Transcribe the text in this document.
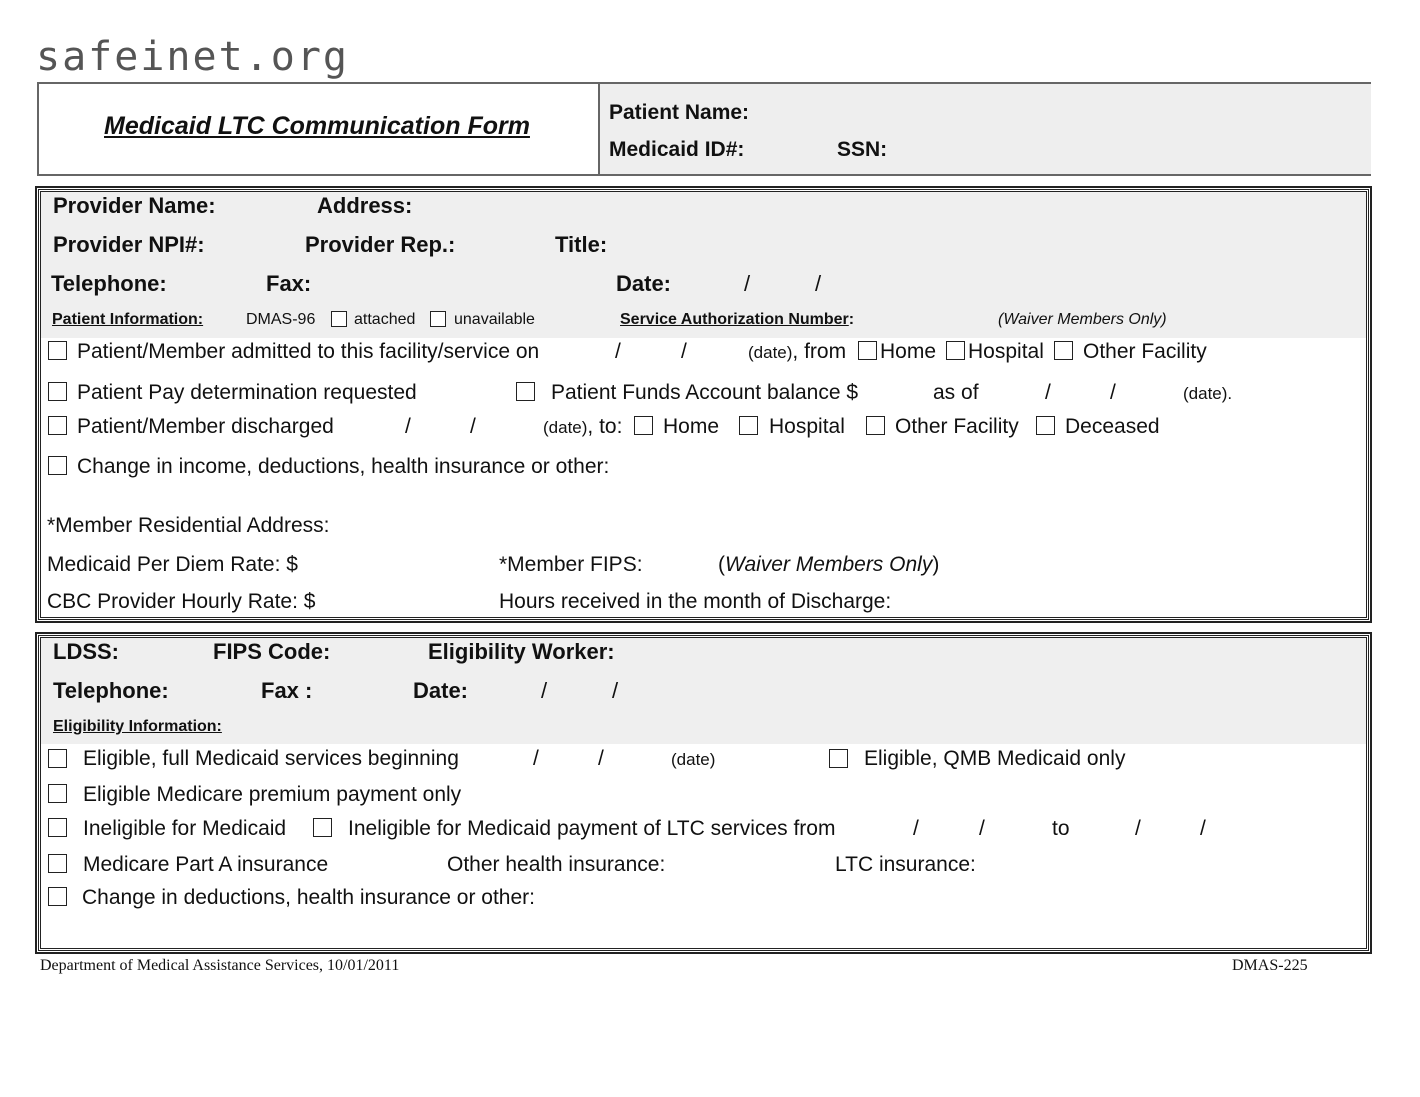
safeinet.org
Medicaid LTC Communication Form	Patient Name:
Medicaid ID#:	SSN:
Provider Name:	Address:
Provider NPI#:	Provider Rep.:	Title:
Telephone:	Fax:	Date:	/	/
Patient Information:	DMAS-96 attached unavailable	Service Authorization Number:	(Waiver Members Only)
Patient/Member admitted to this facility/service on	/	/	(date), from Home Hospital Other Facility
Patient Pay determination requested	Patient Funds Account balance $	as of	/	/	(date).
Patient/Member discharged	/	/	(date), to: Home Hospital Other Facility Deceased
Change in income, deductions, health insurance or other:
*Member Residential Address:
Medicaid Per Diem Rate: $	*Member FIPS:	(Waiver Members Only)
CBC Provider Hourly Rate: $	Hours received in the month of Discharge:
LDSS:	FIPS Code:	Eligibility Worker:
Telephone:	Fax :	Date:	/	/
Eligibility Information:
Eligible, full Medicaid services beginning	/	/	(date)	Eligible, QMB Medicaid only
Eligible Medicare premium payment only
Ineligible for Medicaid	Ineligible for Medicaid payment of LTC services from	/	/	to	/	/
Medicare Part A insurance	Other health insurance:	LTC insurance:
Change in deductions, health insurance or other:
Department of Medical Assistance Services, 10/01/2011	DMAS-225
